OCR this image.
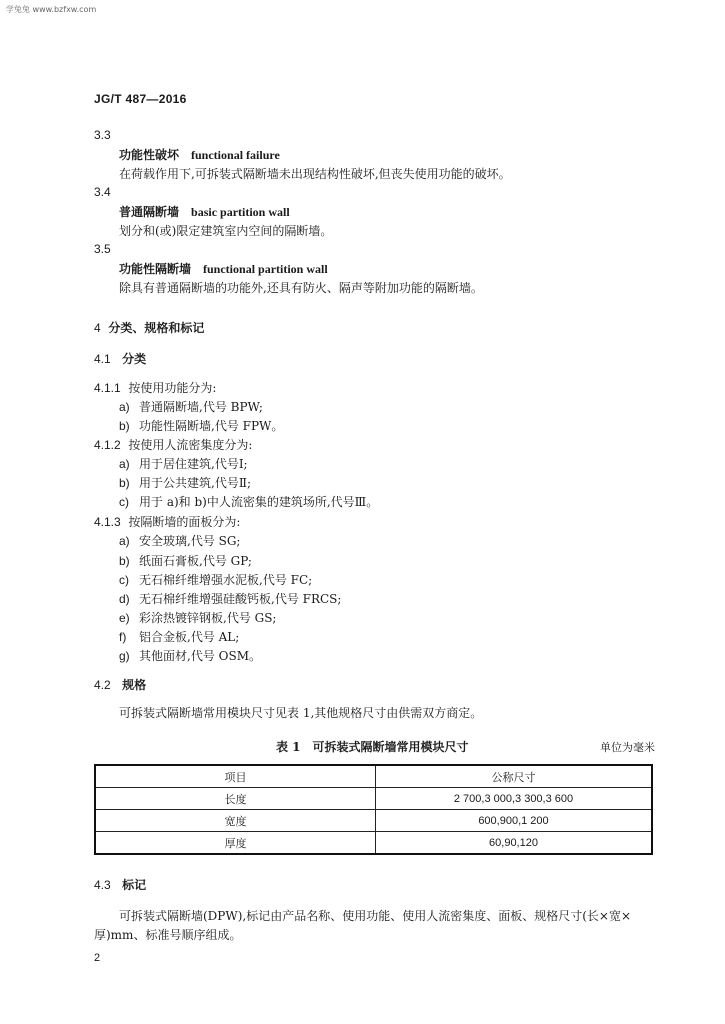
学兔兔 www.bzfxw.com
JG/T 487—2016
3.3
功能性破坏 functional failure
在荷载作用下,可拆装式隔断墙未出现结构性破坏,但丧失使用功能的破坏。
3.4
普通隔断墙 basic partition wall
划分和(或)限定建筑室内空间的隔断墙。
3.5
功能性隔断墙 functional partition wall
除具有普通隔断墙的功能外,还具有防火、隔声等附加功能的隔断墙。
4 分类、规格和标记
4.1 分类
4.1.1 按使用功能分为:
a) 普通隔断墙,代号 BPW;
b) 功能性隔断墙,代号 FPW。
4.1.2 按使用人流密集度分为:
a) 用于居住建筑,代号Ⅰ;
b) 用于公共建筑,代号Ⅱ;
c) 用于 a)和 b)中人流密集的建筑场所,代号Ⅲ。
4.1.3 按隔断墙的面板分为:
a) 安全玻璃,代号 SG;
b) 纸面石膏板,代号 GP;
c) 无石棉纤维增强水泥板,代号 FC;
d) 无石棉纤维增强硅酸钙板,代号 FRCS;
e) 彩涂热镀锌钢板,代号 GS;
f) 铝合金板,代号 AL;
g) 其他面材,代号 OSM。
4.2 规格
可拆装式隔断墙常用模块尺寸见表 1,其他规格尺寸由供需双方商定。
表 1　可拆装式隔断墙常用模块尺寸	单位为毫米
项目	公称尺寸
长度	2 700,3 000,3 300,3 600
宽度	600,900,1 200
厚度	60,90,120
4.3 标记
可拆装式隔断墙(DPW),标记由产品名称、使用功能、使用人流密集度、面板、规格尺寸(长×宽×
厚)mm、标准号顺序组成。
2
